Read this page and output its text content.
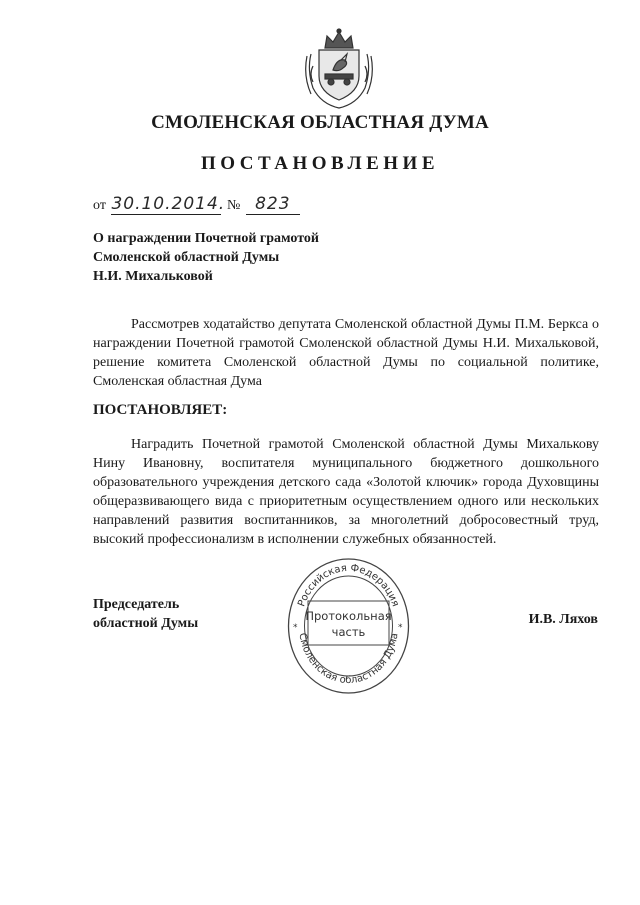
СМОЛЕНСКАЯ ОБЛАСТНАЯ ДУМА
ПОСТАНОВЛЕНИЕ
от 30.10.2014. № 823
О награждении Почетной грамотой
Смоленской областной Думы
Н.И. Михальковой
Рассмотрев ходатайство депутата Смоленской областной Думы П.М. Беркса о награждении Почетной грамотой Смоленской областной Думы Н.И. Михальковой, решение комитета Смоленской областной Думы по социальной политике, Смоленская областная Дума
ПОСТАНОВЛЯЕТ:
Наградить Почетной грамотой Смоленской областной Думы Михалькову Нину Ивановну, воспитателя муниципального бюджетного дошкольного образовательного учреждения детского сада «Золотой ключик» города Духовщины общеразвивающего вида с приоритетным осуществлением одного или нескольких направлений развития воспитанников, за многолетний добросовестный труд, высокий профессионализм в исполнении служебных обязанностей.
Российская Федерация
Смоленская областная Дума
*	*
Протокольная
часть
Председатель
областной Думы	И.В. Ляхов
